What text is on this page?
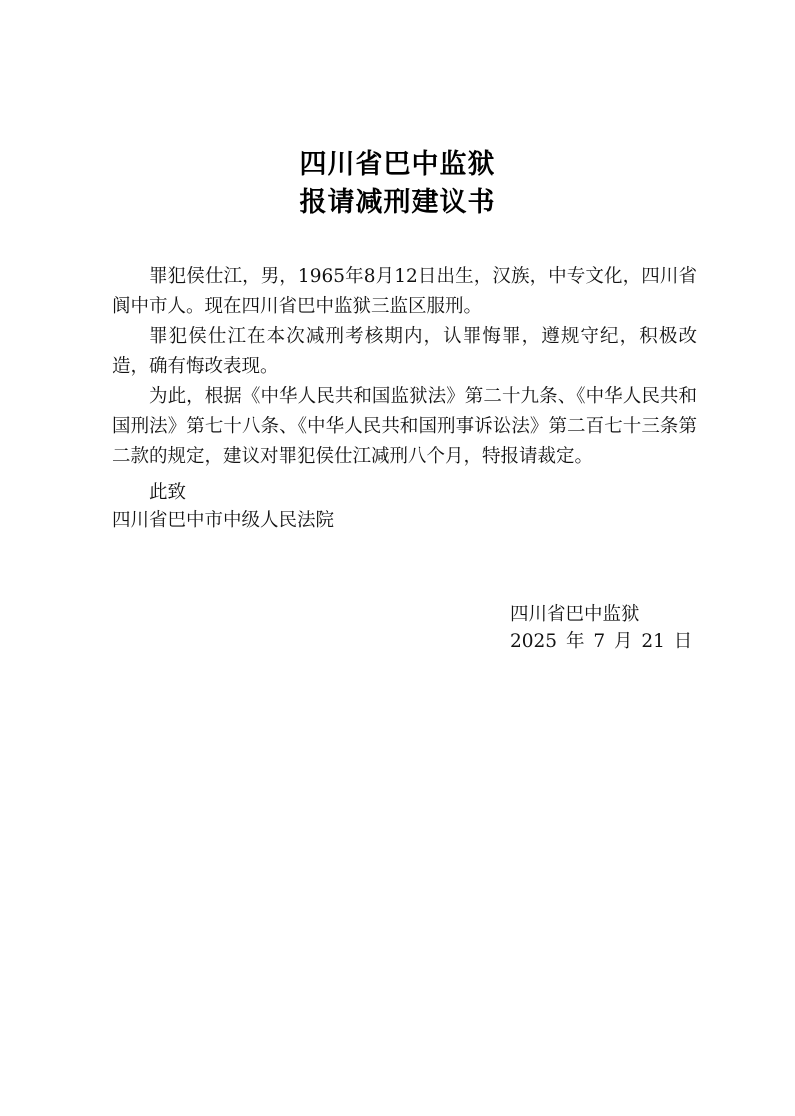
四川省巴中监狱
报请减刑建议书

罪犯侯仕江，男，1965年8月12日出生，汉族，中专文化，四川省阆中市人。现在四川省巴中监狱三监区服刑。

罪犯侯仕江在本次减刑考核期内，认罪悔罪，遵规守纪，积极改造，确有悔改表现。

为此，根据《中华人民共和国监狱法》第二十九条、《中华人民共和国刑法》第七十八条、《中华人民共和国刑事诉讼法》第二百七十三条第二款的规定，建议对罪犯侯仕江减刑八个月，特报请裁定。

此致
四川省巴中市中级人民法院
四川省巴中监狱
2025 年 7 月 21 日
